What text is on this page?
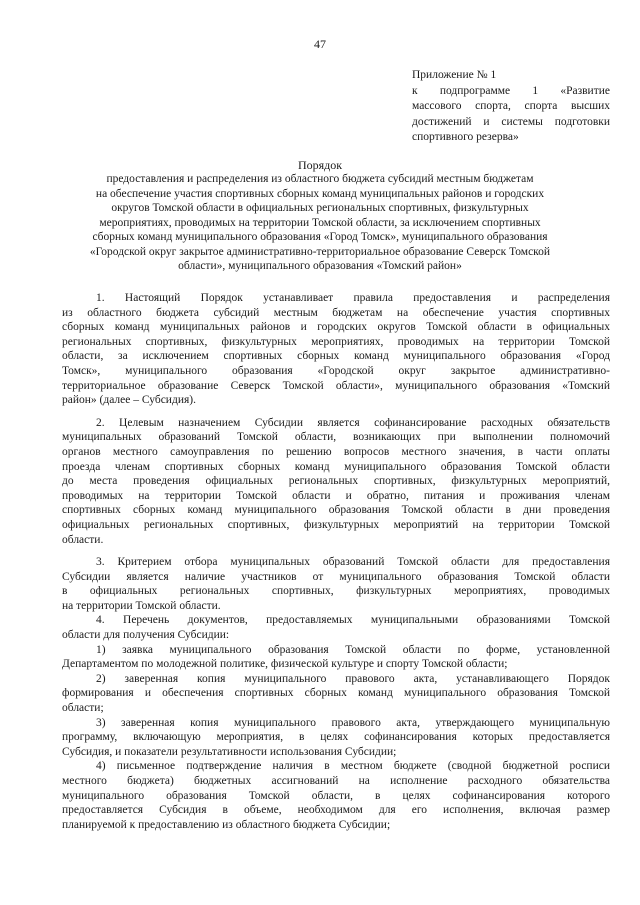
47
Приложение № 1
к подпрограмме 1 «Развитие
массового спорта, спорта высших
достижений и системы подготовки
спортивного резерва»
Порядок
предоставления и распределения из областного бюджета субсидий местным бюджетам
на обеспечение участия спортивных сборных команд муниципальных районов и городских
округов Томской области в официальных региональных спортивных, физкультурных
мероприятиях, проводимых на территории Томской области, за исключением спортивных
сборных команд муниципального образования «Город Томск», муниципального образования
«Городской округ закрытое административно-территориальное образование Северск Томской
области», муниципального образования «Томский район»
1. Настоящий Порядок устанавливает правила предоставления и распределения
из областного бюджета субсидий местным бюджетам на обеспечение участия спортивных
сборных команд муниципальных районов и городских округов Томской области в официальных
региональных спортивных, физкультурных мероприятиях, проводимых на территории Томской
области, за исключением спортивных сборных команд муниципального образования «Город
Томск», муниципального образования «Городской округ закрытое административно-
территориальное образование Северск Томской области», муниципального образования «Томский
район» (далее – Субсидия).
2. Целевым назначением Субсидии является софинансирование расходных обязательств
муниципальных образований Томской области, возникающих при выполнении полномочий
органов местного самоуправления по решению вопросов местного значения, в части оплаты
проезда членам спортивных сборных команд муниципального образования Томской области
до места проведения официальных региональных спортивных, физкультурных мероприятий,
проводимых на территории Томской области и обратно, питания и проживания членам
спортивных сборных команд муниципального образования Томской области в дни проведения
официальных региональных спортивных, физкультурных мероприятий на территории Томской
области.
3. Критерием отбора муниципальных образований Томской области для предоставления
Субсидии является наличие участников от муниципального образования Томской области
в официальных региональных спортивных, физкультурных мероприятиях, проводимых
на территории Томской области.
4. Перечень документов, предоставляемых муниципальными образованиями Томской
области для получения Субсидии:
1) заявка муниципального образования Томской области по форме, установленной
Департаментом по молодежной политике, физической культуре и спорту Томской области;
2) заверенная копия муниципального правового акта, устанавливающего Порядок
формирования и обеспечения спортивных сборных команд муниципального образования Томской
области;
3) заверенная копия муниципального правового акта, утверждающего муниципальную
программу, включающую мероприятия, в целях софинансирования которых предоставляется
Субсидия, и показатели результативности использования Субсидии;
4) письменное подтверждение наличия в местном бюджете (сводной бюджетной росписи
местного бюджета) бюджетных ассигнований на исполнение расходного обязательства
муниципального образования Томской области, в целях софинансирования которого
предоставляется Субсидия в объеме, необходимом для его исполнения, включая размер
планируемой к предоставлению из областного бюджета Субсидии;
